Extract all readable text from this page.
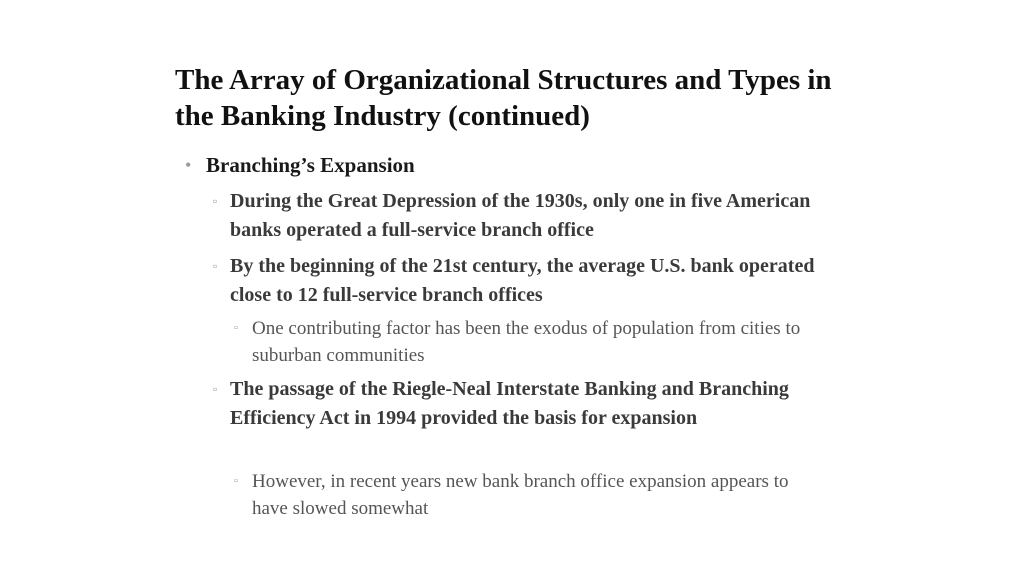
The Array of Organizational Structures and Types in the Banking Industry (continued)
• Branching’s Expansion
▫ During the Great Depression of the 1930s, only one in five American banks operated a full-service branch office
▫ By the beginning of the 21st century, the average U.S. bank operated close to 12 full-service branch offices
▫ One contributing factor has been the exodus of population from cities to suburban communities
▫ The passage of the Riegle-Neal Interstate Banking and Branching Efficiency Act in 1994 provided the basis for expansion
▫ However, in recent years new bank branch office expansion appears to have slowed somewhat
